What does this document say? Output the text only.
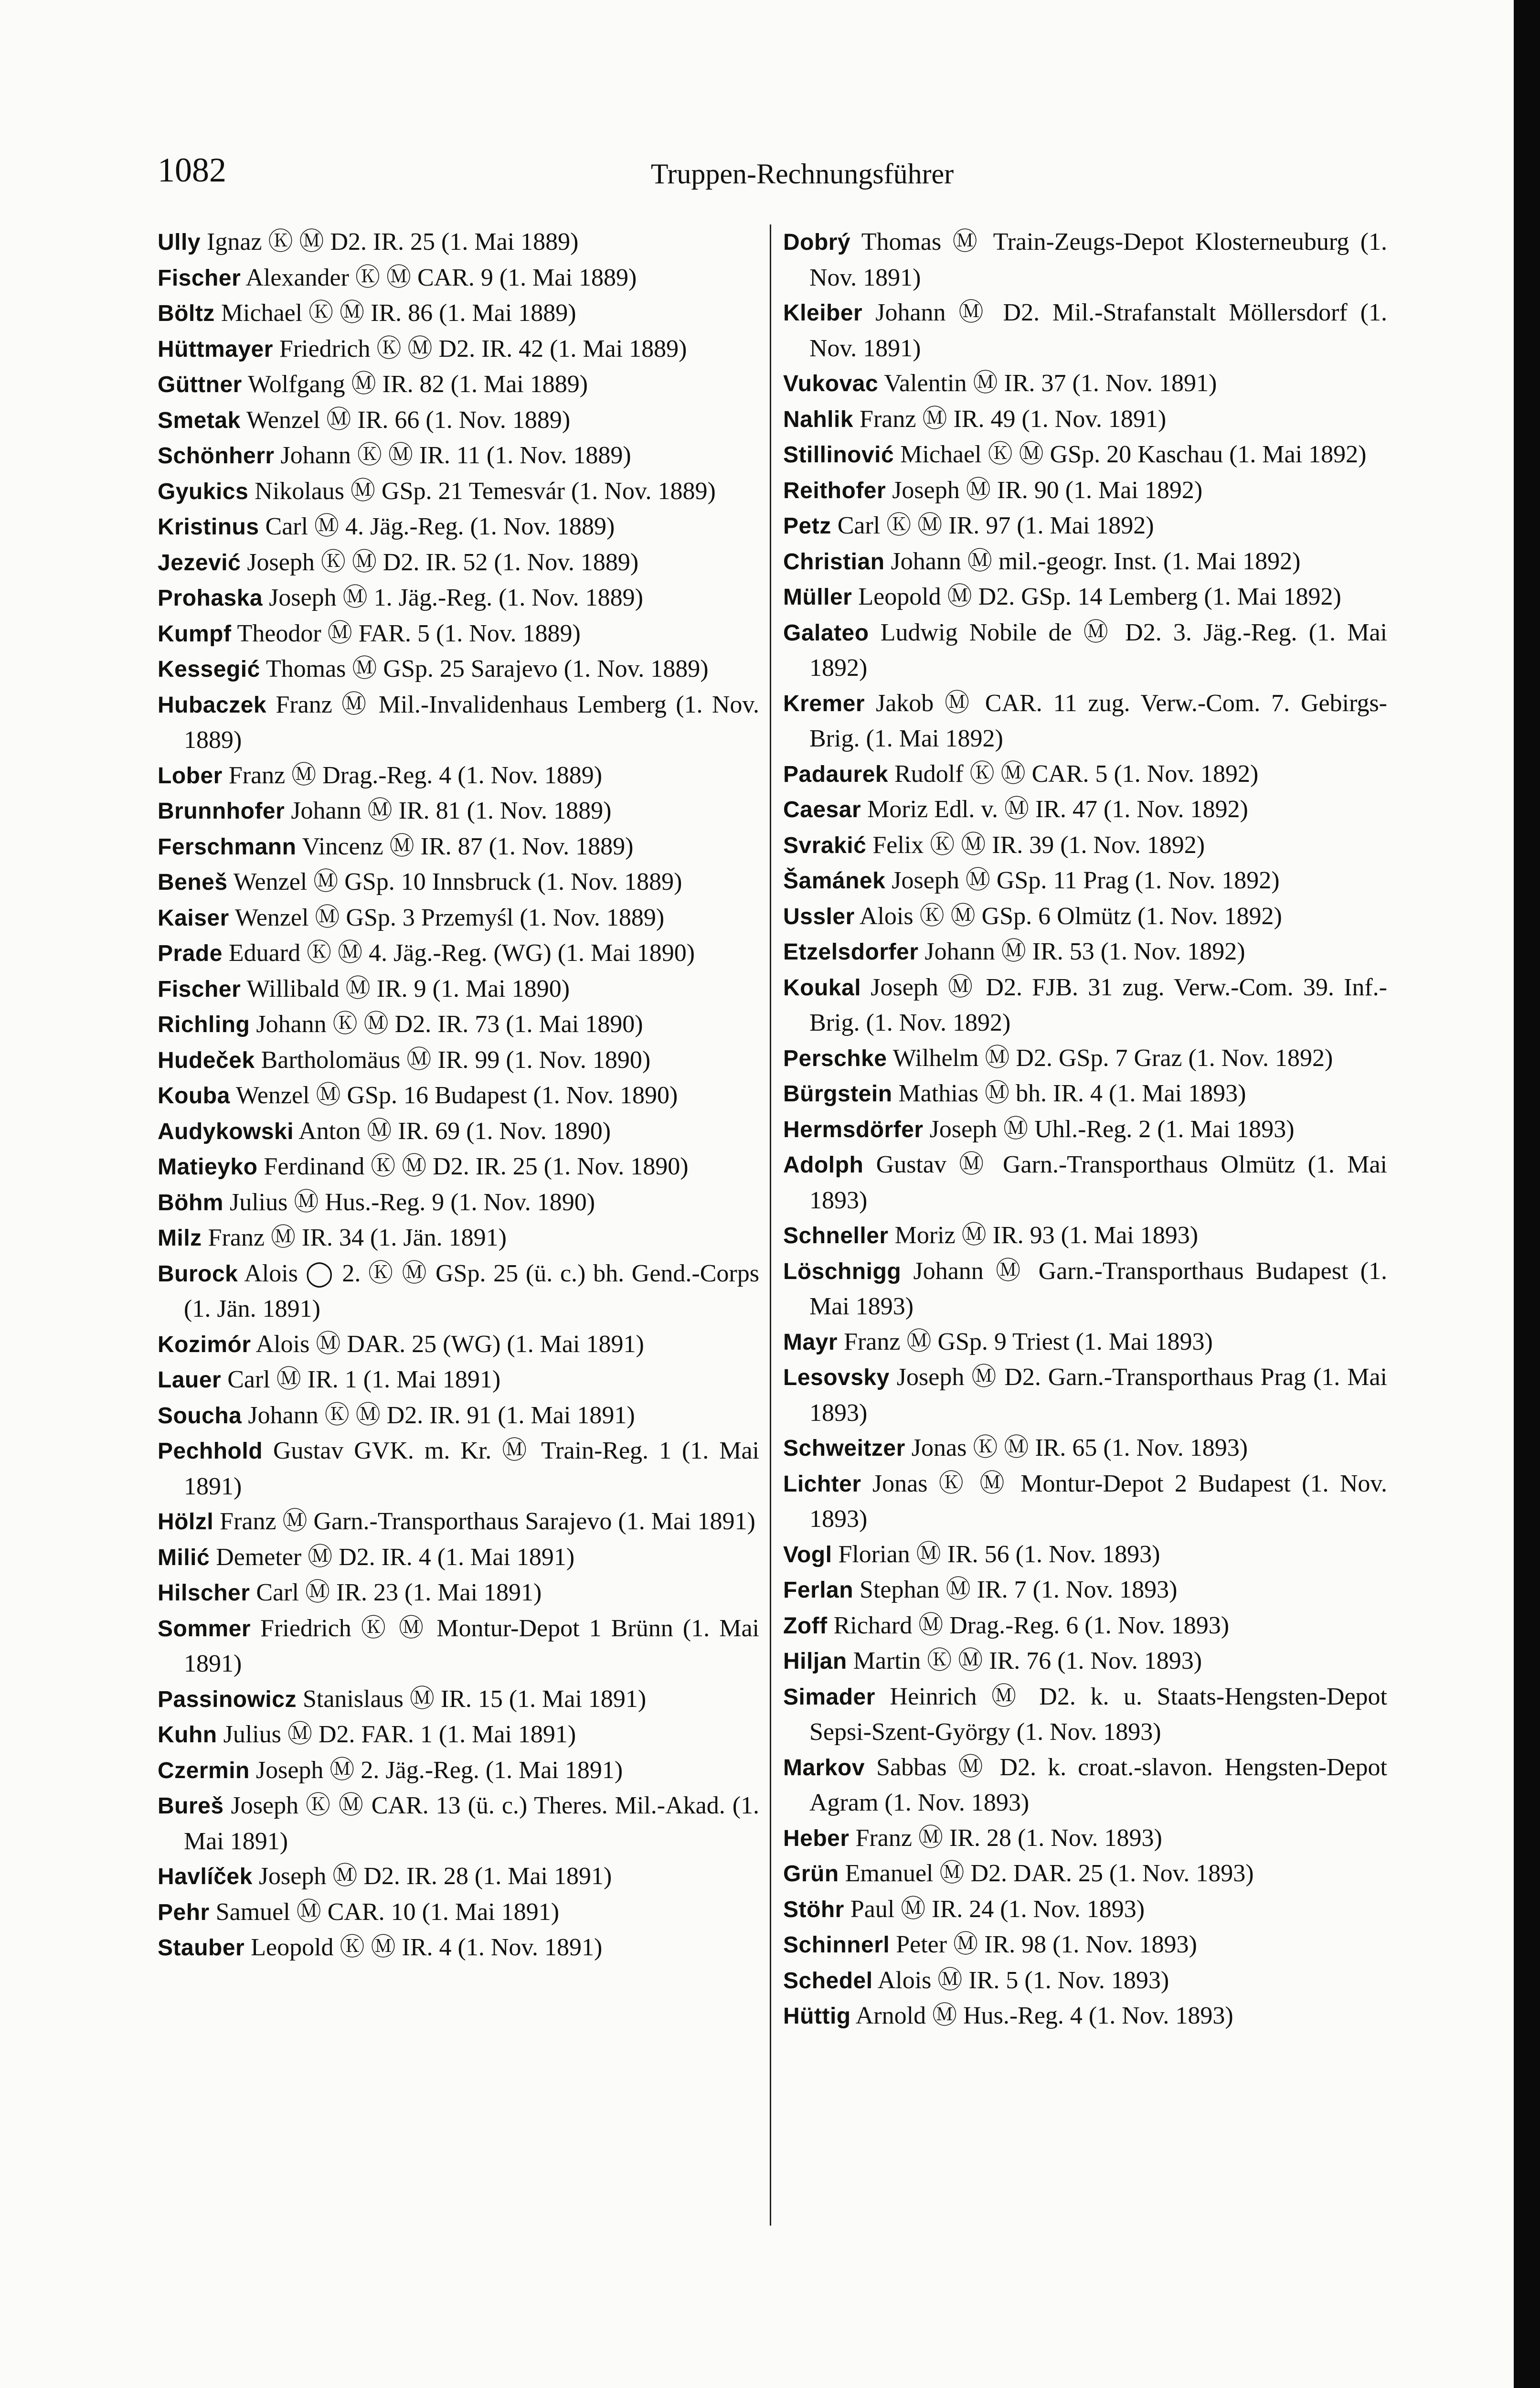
1082	Truppen-Rechnungsführer
Ully Ignaz Ⓚ Ⓜ D2. IR. 25 (1. Mai 1889)
Fischer Alexander Ⓚ Ⓜ CAR. 9 (1. Mai 1889)
Böltz Michael Ⓚ Ⓜ IR. 86 (1. Mai 1889)
Hüttmayer Friedrich Ⓚ Ⓜ D2. IR. 42 (1. Mai 1889)
Güttner Wolfgang Ⓜ IR. 82 (1. Mai 1889)
Smetak Wenzel Ⓜ IR. 66 (1. Nov. 1889)
Schönherr Johann Ⓚ Ⓜ IR. 11 (1. Nov. 1889)
Gyukics Nikolaus Ⓜ GSp. 21 Temesvár (1. Nov. 1889)
Kristinus Carl Ⓜ 4. Jäg.-Reg. (1. Nov. 1889)
Jezević Joseph Ⓚ Ⓜ D2. IR. 52 (1. Nov. 1889)
Prohaska Joseph Ⓜ 1. Jäg.-Reg. (1. Nov. 1889)
Kumpf Theodor Ⓜ FAR. 5 (1. Nov. 1889)
Kessegić Thomas Ⓜ GSp. 25 Sarajevo (1. Nov. 1889)
Hubaczek Franz Ⓜ Mil.-Invalidenhaus Lemberg (1. Nov. 1889)
Lober Franz Ⓜ Drag.-Reg. 4 (1. Nov. 1889)
Brunnhofer Johann Ⓜ IR. 81 (1. Nov. 1889)
Ferschmann Vincenz Ⓜ IR. 87 (1. Nov. 1889)
Beneš Wenzel Ⓜ GSp. 10 Innsbruck (1. Nov. 1889)
Kaiser Wenzel Ⓜ GSp. 3 Przemyśl (1. Nov. 1889)
Prade Eduard Ⓚ Ⓜ 4. Jäg.-Reg. (WG) (1. Mai 1890)
Fischer Willibald Ⓜ IR. 9 (1. Mai 1890)
Richling Johann Ⓚ Ⓜ D2. IR. 73 (1. Mai 1890)
Hudeček Bartholomäus Ⓜ IR. 99 (1. Nov. 1890)
Kouba Wenzel Ⓜ GSp. 16 Budapest (1. Nov. 1890)
Audykowski Anton Ⓜ IR. 69 (1. Nov. 1890)
Matieyko Ferdinand Ⓚ Ⓜ D2. IR. 25 (1. Nov. 1890)
Böhm Julius Ⓜ Hus.-Reg. 9 (1. Nov. 1890)
Milz Franz Ⓜ IR. 34 (1. Jän. 1891)
Burock Alois ◯ 2. Ⓚ Ⓜ GSp. 25 (ü. c.) bh. Gend.-Corps (1. Jän. 1891)
Kozimór Alois Ⓜ DAR. 25 (WG) (1. Mai 1891)
Lauer Carl Ⓜ IR. 1 (1. Mai 1891)
Soucha Johann Ⓚ Ⓜ D2. IR. 91 (1. Mai 1891)
Pechhold Gustav GVK. m. Kr. Ⓜ Train-Reg. 1 (1. Mai 1891)
Hölzl Franz Ⓜ Garn.-Transporthaus Sarajevo (1. Mai 1891)
Milić Demeter Ⓜ D2. IR. 4 (1. Mai 1891)
Hilscher Carl Ⓜ IR. 23 (1. Mai 1891)
Sommer Friedrich Ⓚ Ⓜ Montur-Depot 1 Brünn (1. Mai 1891)
Passinowicz Stanislaus Ⓜ IR. 15 (1. Mai 1891)
Kuhn Julius Ⓜ D2. FAR. 1 (1. Mai 1891)
Czermin Joseph Ⓜ 2. Jäg.-Reg. (1. Mai 1891)
Bureš Joseph Ⓚ Ⓜ CAR. 13 (ü. c.) Theres. Mil.-Akad. (1. Mai 1891)
Havlíček Joseph Ⓜ D2. IR. 28 (1. Mai 1891)
Pehr Samuel Ⓜ CAR. 10 (1. Mai 1891)
Stauber Leopold Ⓚ Ⓜ IR. 4 (1. Nov. 1891)
Dobrý Thomas Ⓜ Train-Zeugs-Depot Klosterneuburg (1. Nov. 1891)
Kleiber Johann Ⓜ D2. Mil.-Strafanstalt Möllersdorf (1. Nov. 1891)
Vukovac Valentin Ⓜ IR. 37 (1. Nov. 1891)
Nahlik Franz Ⓜ IR. 49 (1. Nov. 1891)
Stillinović Michael Ⓚ Ⓜ GSp. 20 Kaschau (1. Mai 1892)
Reithofer Joseph Ⓜ IR. 90 (1. Mai 1892)
Petz Carl Ⓚ Ⓜ IR. 97 (1. Mai 1892)
Christian Johann Ⓜ mil.-geogr. Inst. (1. Mai 1892)
Müller Leopold Ⓜ D2. GSp. 14 Lemberg (1. Mai 1892)
Galateo Ludwig Nobile de Ⓜ D2. 3. Jäg.-Reg. (1. Mai 1892)
Kremer Jakob Ⓜ CAR. 11 zug. Verw.-Com. 7. Gebirgs-Brig. (1. Mai 1892)
Padaurek Rudolf Ⓚ Ⓜ CAR. 5 (1. Nov. 1892)
Caesar Moriz Edl. v. Ⓜ IR. 47 (1. Nov. 1892)
Svrakić Felix Ⓚ Ⓜ IR. 39 (1. Nov. 1892)
Šamánek Joseph Ⓜ GSp. 11 Prag (1. Nov. 1892)
Ussler Alois Ⓚ Ⓜ GSp. 6 Olmütz (1. Nov. 1892)
Etzelsdorfer Johann Ⓜ IR. 53 (1. Nov. 1892)
Koukal Joseph Ⓜ D2. FJB. 31 zug. Verw.-Com. 39. Inf.-Brig. (1. Nov. 1892)
Perschke Wilhelm Ⓜ D2. GSp. 7 Graz (1. Nov. 1892)
Bürgstein Mathias Ⓜ bh. IR. 4 (1. Mai 1893)
Hermsdörfer Joseph Ⓜ Uhl.-Reg. 2 (1. Mai 1893)
Adolph Gustav Ⓜ Garn.-Transporthaus Olmütz (1. Mai 1893)
Schneller Moriz Ⓜ IR. 93 (1. Mai 1893)
Löschnigg Johann Ⓜ Garn.-Transporthaus Budapest (1. Mai 1893)
Mayr Franz Ⓜ GSp. 9 Triest (1. Mai 1893)
Lesovsky Joseph Ⓜ D2. Garn.-Transporthaus Prag (1. Mai 1893)
Schweitzer Jonas Ⓚ Ⓜ IR. 65 (1. Nov. 1893)
Lichter Jonas Ⓚ Ⓜ Montur-Depot 2 Budapest (1. Nov. 1893)
Vogl Florian Ⓜ IR. 56 (1. Nov. 1893)
Ferlan Stephan Ⓜ IR. 7 (1. Nov. 1893)
Zoff Richard Ⓜ Drag.-Reg. 6 (1. Nov. 1893)
Hiljan Martin Ⓚ Ⓜ IR. 76 (1. Nov. 1893)
Simader Heinrich Ⓜ D2. k. u. Staats-Hengsten-Depot Sepsi-Szent-György (1. Nov. 1893)
Markov Sabbas Ⓜ D2. k. croat.-slavon. Hengsten-Depot Agram (1. Nov. 1893)
Heber Franz Ⓜ IR. 28 (1. Nov. 1893)
Grün Emanuel Ⓜ D2. DAR. 25 (1. Nov. 1893)
Stöhr Paul Ⓜ IR. 24 (1. Nov. 1893)
Schinnerl Peter Ⓜ IR. 98 (1. Nov. 1893)
Schedel Alois Ⓜ IR. 5 (1. Nov. 1893)
Hüttig Arnold Ⓜ Hus.-Reg. 4 (1. Nov. 1893)
